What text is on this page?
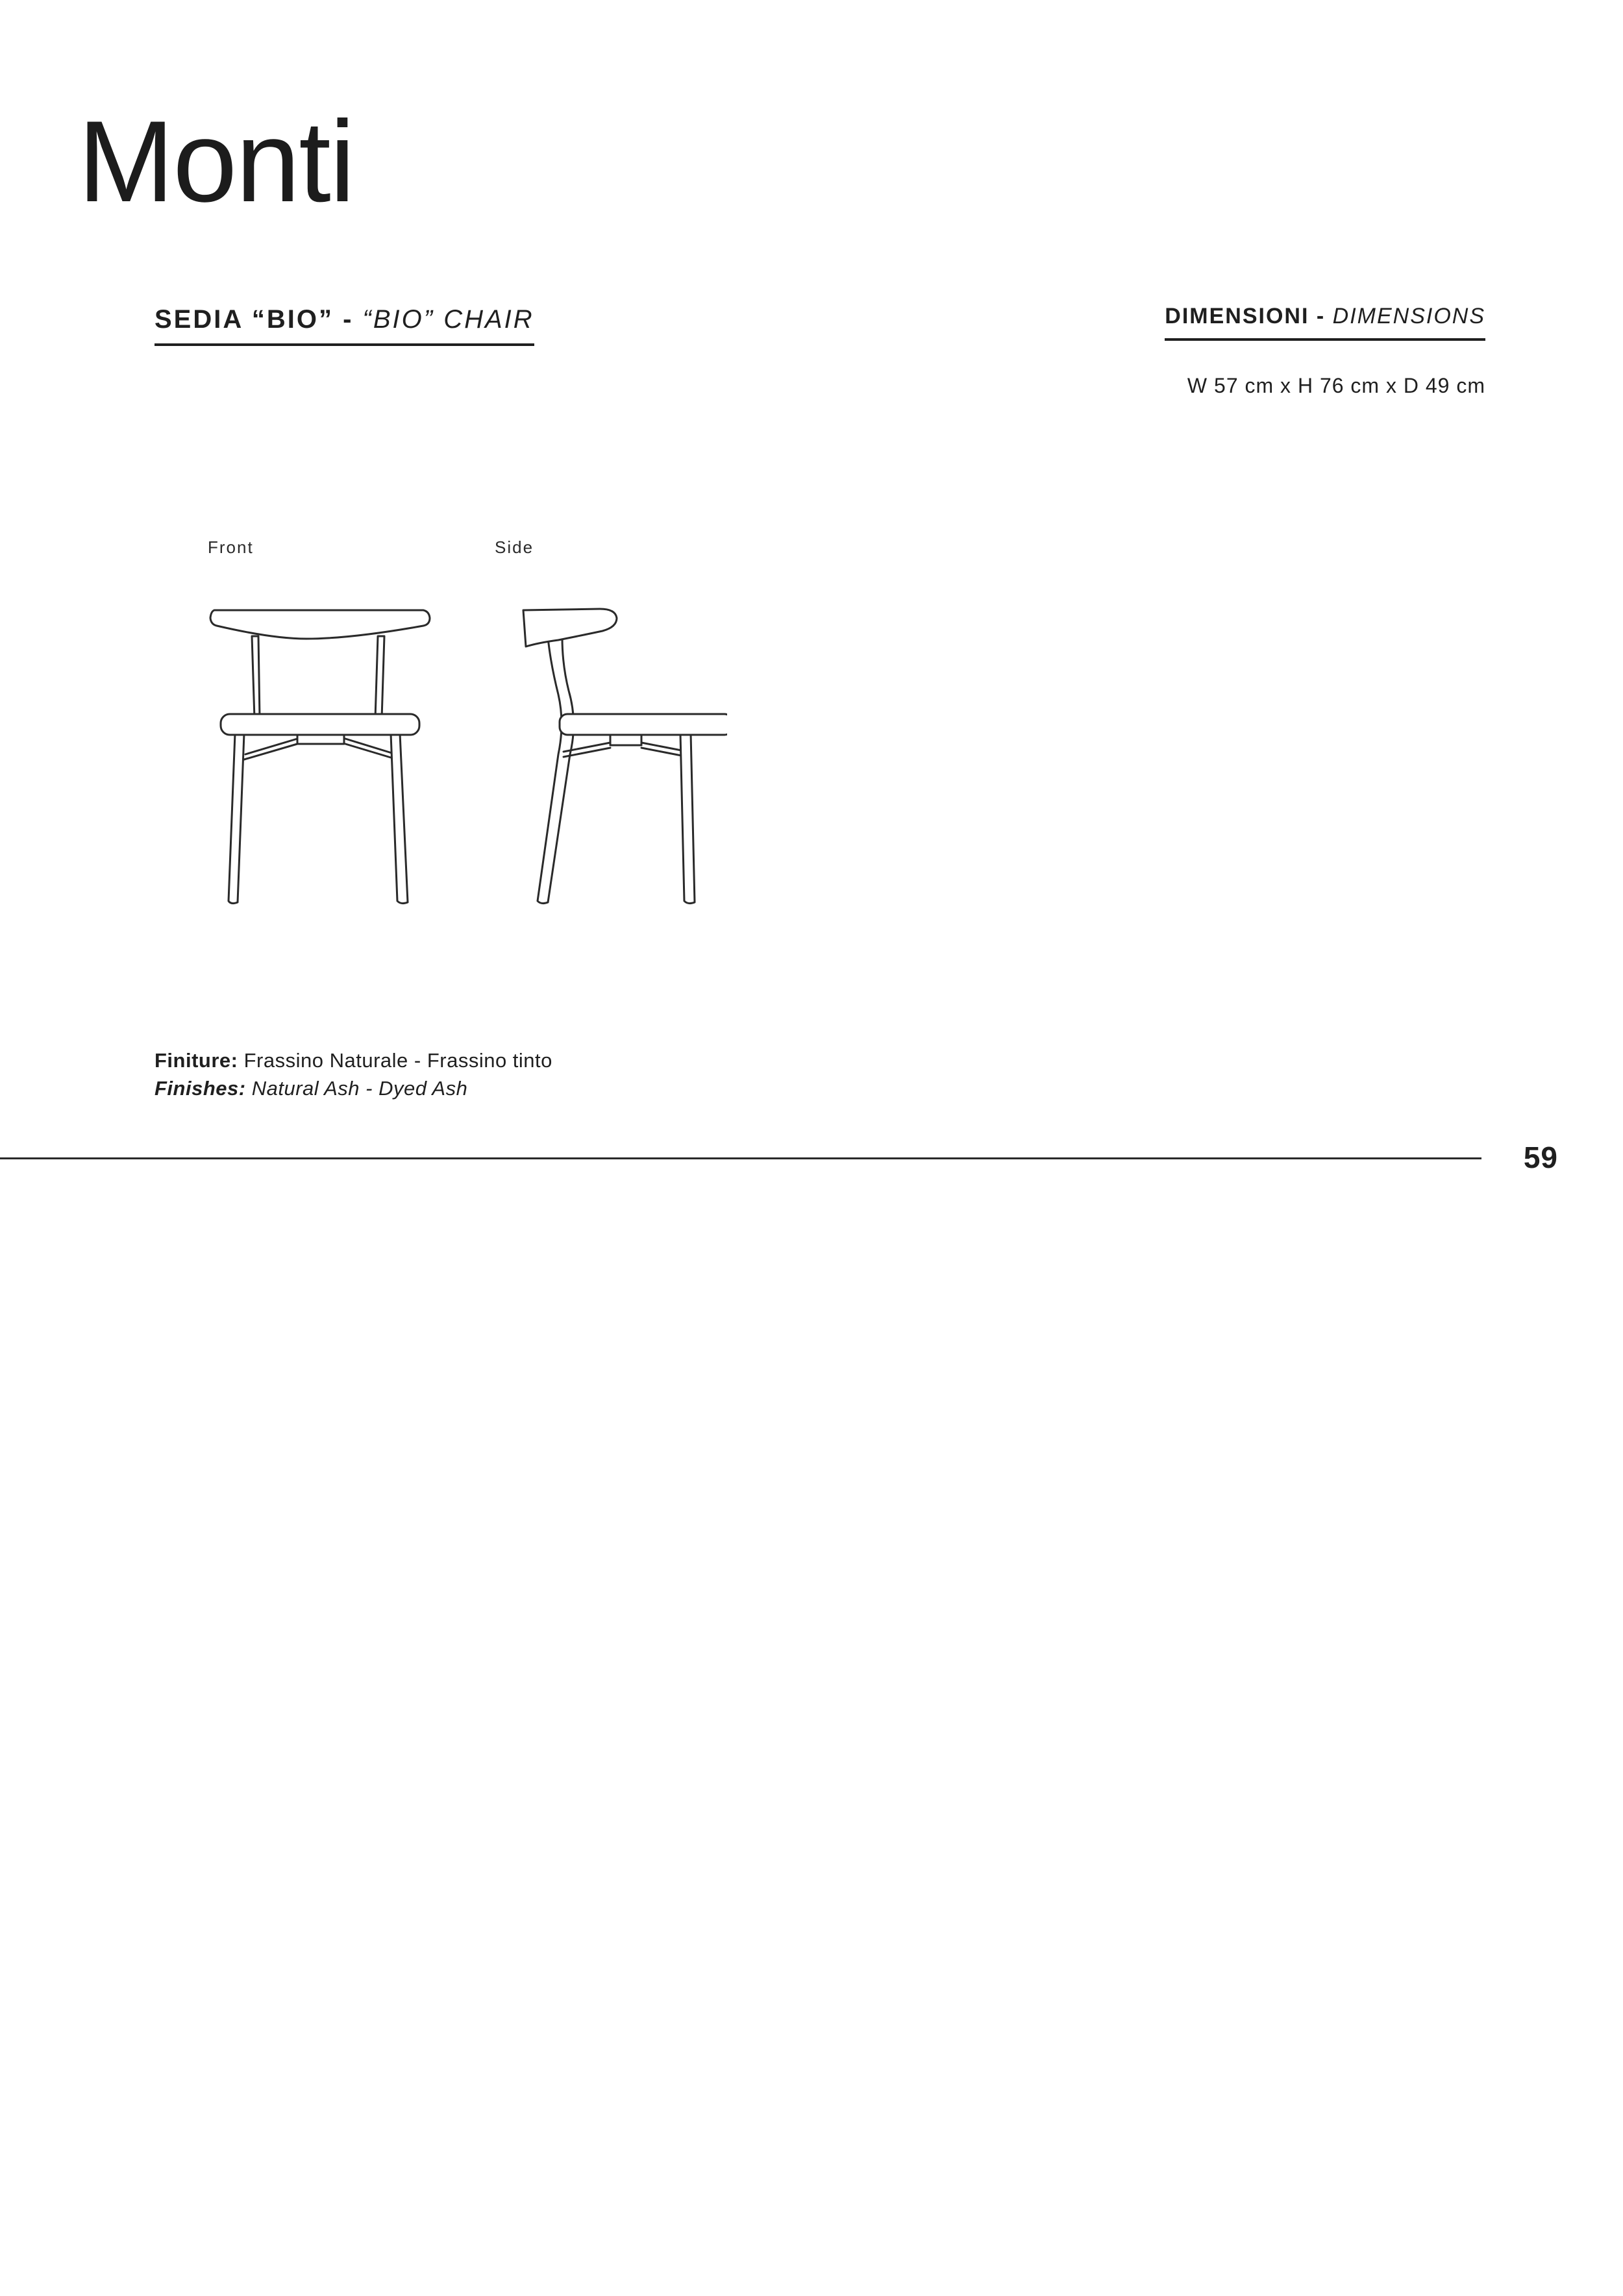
Monti
SEDIA “BIO” - “BIO” CHAIR	DIMENSIONI - DIMENSIONS
W 57 cm x H 76 cm x D 49 cm
Front	Side
Finiture: Frassino Naturale - Frassino tinto
Finishes: Natural Ash - Dyed Ash
59
